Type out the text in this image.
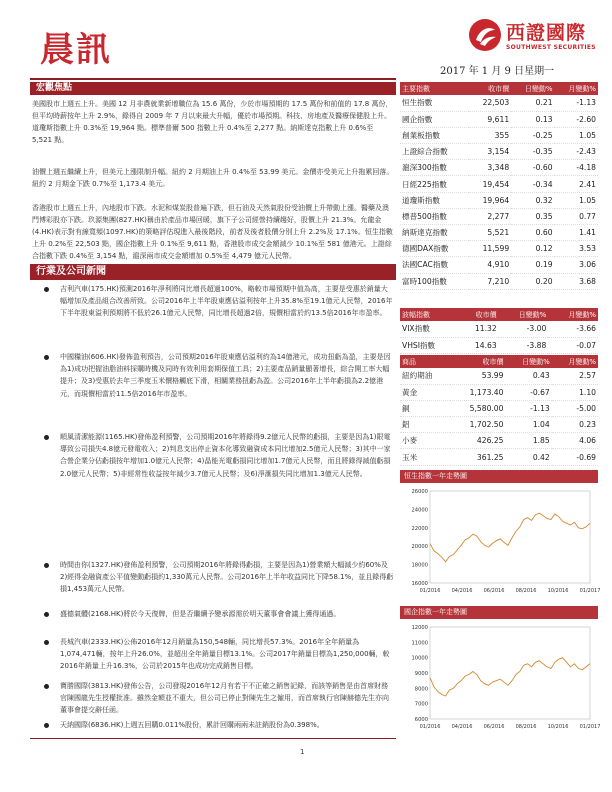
晨訊	西證國際
SOUTHWEST SECURITIES
2017 年 1 月 9 日星期一
宏觀焦點
美國股市上週五上升。美國 12 月非農就業新增職位為 15.6 萬份，少於市場預期的 17.5 萬份和前值的 17.8 萬份，但平均時薪按年上升 2.9%，錄得自 2009 年 7 月以來最大升幅，優於市場預期。科技、房地產及醫療保健股上升。道瓊斯指數上升 0.3%至 19,964 點。標準普爾 500 指數上升 0.4%至 2,277 點。納斯達克指數上升 0.6%至 5,521 點。
油價上週五繼續上升，但美元上漲限制升幅。紐約 2 月期油上升 0.4%至 53.99 美元。金價亦受美元上升拖累回落。紐約 2 月期金下跌 0.7%至 1,173.4 美元。
香港股市上週五上升，內地股市下跌。水泥和煤炭股普遍下跌，但石油及天然氣股份受油價上升帶動上漲。醫藥及澳門博彩股亦下跌。玖源集團(827.HK)稱由於產品市場回暖，旗下子公司經營持續趨好，股價上升 21.3%。允龍金(4.HK)表示對有線寬頻(1097.HK)的策略評估現進入最後階段，前者及後者股價分別上升 2.2%及 17.1%。恒生指數上升 0.2%至 22,503 點，國企指數上升 0.1%至 9,611 點，香港股市成交金額減少 10.1%至 581 億港元。上證綜合指數下跌 0.4%至 3,154 點，滬深兩市成交金額增加 0.5%至 4,479 億元人民幣。
行業及公司新聞
吉利汽車(175.HK)預測2016年淨利將同比增長超過100%，略較市場預期中值為高，主要是受惠於銷量大幅增加及產品組合改善所致。公司2016年上半年股東應佔溢利按年上升35.8%至19.1億元人民幣，2016年下半年股東溢利預期將不低於26.1億元人民幣，同比增長超過2倍，規價相當於約13.5倍2016年市盈率。
中國糧油(606.HK)發佈盈利預告，公司預期2016年股東應佔溢利約為14億港元，成功扭虧為盈，主要是因為1)成功把握油脂油料採購時機及同時有效利用套期保值工具；2)主要產品銷量顯著增長，綜合開工率大幅提升；及3)受惠於去年三季度玉米價格觸底下滑，相關業務扭虧為盈。公司2016年上半年虧損為2.2億港元，而現價相當於11.5倍2016年市盈率。
順風清潔能源(1165.HK)發佈盈利預警，公司預期2016年將錄得9.2億元人民幣的虧損，主要是因為1)限電導致公司損失4.8億元發電收入；2)判息支出停止資本化導致融資成本同比增加2.5億元人民幣；3)其中一家合營企業分佔虧損按年增加1.0億元人民幣；4)晶能光電虧損同比增加1.7億元人民幣，而且將錄得減值虧損2.0億元人民幣；5)非經常性收益按年減少3.7億元人民幣；及6)淨滙損失同比增加1.3億元人民幣。
時間由你(1327.HK)發佈盈利預警，公司預期2016年將錄得虧損，主要是因為1)營業額大幅減少約60%及2)經得金融資產公平值變動虧損約1,330萬元人民幣。公司2016年上半年收益同比下降58.1%，並且錄得虧損1,453萬元人民幣。
盛德氣體(2168.HK)將於今天復牌，但是否繼續予變承源需於明天董事會會議上獲得通過。
長城汽車(2333.HK)公佈2016年12月銷量為150,548輛，同比增長57.3%。2016年全年銷量為1,074,471輛，按年上升26.0%，並超出全年銷量目標13.1%。公司2017年銷量目標為1,250,000輛，較2016年銷量上升16.3%，公司於2015年也成功完成銷售目標。
寶勝國際(3813.HK)發佈公告，公司發現2016年12月有若干不正確之銷售記錄，而該等銷售是由首席財務官陳國龍先生授權批准。雖然金額並不重大，但公司已停止對陳先生之僱用，而首席執行官陳赫德先生亦向董事會提交辭任函。
天納國際(6836.HK)上週五回購0.011%股份，累計回購兩兩未註銷股份為0.398%。
主要指數	收市價	日變動%	月變動%
恒生指數	22,503	0.21	-1.13
國企指數	9,611	0.13	-2.60
創業板指數	355	-0.25	1.05
上證綜合指數	3,154	-0.35	-2.43
滬深300指數	3,348	-0.60	-4.18
日經225指數	19,454	-0.34	2.41
道瓊斯指數	19,964	0.32	1.05
標普500指數	2,277	0.35	0.77
納斯達克指數	5,521	0.60	1.41
德國DAX指數	11,599	0.12	3.53
法國CAC指數	4,910	0.19	3.06
富時100指數	7,210	0.20	3.68
波幅指數	收市價	日變動%	月變動%
VIX指數	11.32	-3.00	-3.66
VHSI指數	14.63	-3.88	-0.07
商品	收市價	日變動%	月變動%
紐約期油	53.99	0.43	2.57
黃金	1,173.40	-0.67	1.10
銅	5,580.00	-1.13	-5.00
鋁	1,702.50	1.04	0.23
小麥	426.25	1.85	4.06
玉米	361.25	0.42	-0.69
恒生指數一年走勢圖
16000
18000
20000
22000
24000
26000
01/2016 04/2016 06/2016 08/2016 10/2016 01/2017
國企指數一年走勢圖
6000
7000
8000
9000
10000
11000
12000
01/2016 04/2016 06/2016 08/2016 10/2016 01/2017
1
